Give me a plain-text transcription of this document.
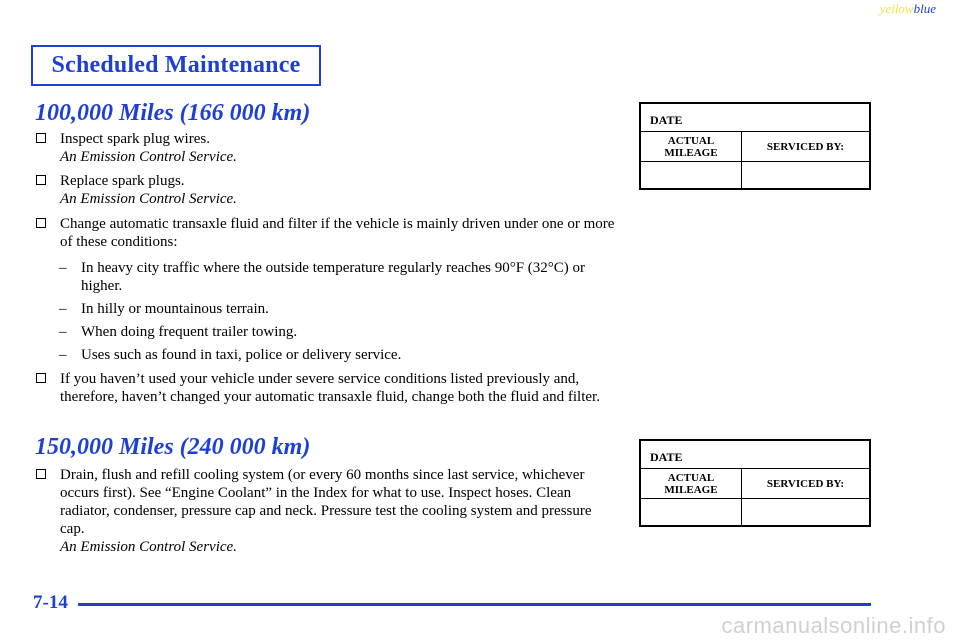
yellowblue
Scheduled Maintenance
100,000 Miles (166 000 km)
Inspect spark plug wires.
An Emission Control Service.
Replace spark plugs.
An Emission Control Service.
Change automatic transaxle fluid and filter if the vehicle is mainly driven under one or more of these conditions:
– In heavy city traffic where the outside temperature regularly reaches 90°F (32°C) or higher.
– In hilly or mountainous terrain.
– When doing frequent trailer towing.
– Uses such as found in taxi, police or delivery service.
If you haven’t used your vehicle under severe service conditions listed previously and, therefore, haven’t changed your automatic transaxle fluid, change both the fluid and filter.
DATE
ACTUAL MILEAGE	SERVICED BY:
150,000 Miles (240 000 km)
Drain, flush and refill cooling system (or every 60 months since last service, whichever occurs first). See “Engine Coolant” in the Index for what to use. Inspect hoses. Clean radiator, condenser, pressure cap and neck. Pressure test the cooling system and pressure cap.
An Emission Control Service.
DATE
ACTUAL MILEAGE	SERVICED BY:
7-14
carmanualsonline.info
